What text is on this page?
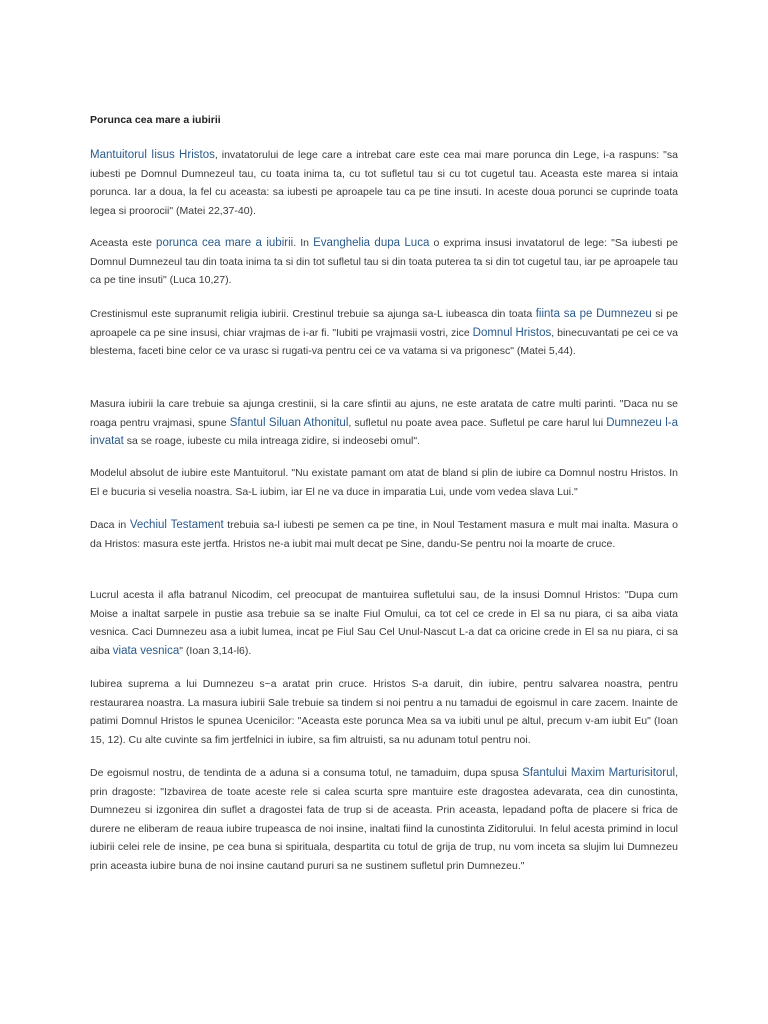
Porunca cea mare a iubirii

Mantuitorul Iisus Hristos, invatatorului de lege care a intrebat care este cea mai mare porunca din Lege, i-a raspuns: "sa iubesti pe Domnul Dumnezeul tau, cu toata inima ta, cu tot sufletul tau si cu tot cugetul tau. Aceasta este marea si intaia porunca. Iar a doua, la fel cu aceasta: sa iubesti pe aproapele tau ca pe tine insuti. In aceste doua porunci se cuprinde toata legea si proorocii" (Matei 22,37-40).

Aceasta este porunca cea mare a iubirii. In Evanghelia dupa Luca o exprima insusi invatatorul de lege: "Sa iubesti pe Domnul Dumnezeul tau din toata inima ta si din tot sufletul tau si din toata puterea ta si din tot cugetul tau, iar pe aproapele tau ca pe tine insuti" (Luca 10,27).

Crestinismul este supranumit religia iubirii. Crestinul trebuie sa ajunga sa-L iubeasca din toata fiinta sa pe Dumnezeu si pe aproapele ca pe sine insusi, chiar vrajmas de i-ar fi. "Iubiti pe vrajmasii vostri, zice Domnul Hristos, binecuvantati pe cei ce va blestema, faceti bine celor ce va urasc si rugati-va pentru cei ce va vatama si va prigonesc" (Matei 5,44).

Masura iubirii la care trebuie sa ajunga crestinii, si la care sfintii au ajuns, ne este aratata de catre multi parinti. "Daca nu se roaga pentru vrajmasi, spune Sfantul Siluan Athonitul, sufletul nu poate avea pace. Sufletul pe care harul lui Dumnezeu l-a invatat sa se roage, iubeste cu mila intreaga zidire, si indeosebi omul".

Modelul absolut de iubire este Mantuitorul. "Nu existate pamant om atat de bland si plin de iubire ca Domnul nostru Hristos. In El e bucuria si veselia noastra. Sa-L iubim, iar El ne va duce in imparatia Lui, unde vom vedea slava Lui."

Daca in Vechiul Testament trebuia sa-l iubesti pe semen ca pe tine, in Noul Testament masura e mult mai inalta. Masura o da Hristos: masura este jertfa. Hristos ne-a iubit mai mult decat pe Sine, dandu-Se pentru noi la moarte de cruce.

Lucrul acesta il afla batranul Nicodim, cel preocupat de mantuirea sufletului sau, de la insusi Domnul Hristos: "Dupa cum Moise a inaltat sarpele in pustie asa trebuie sa se inalte Fiul Omului, ca tot cel ce crede in El sa nu piara, ci sa aiba viata vesnica. Caci Dumnezeu asa a iubit lumea, incat pe Fiul Sau Cel Unul-Nascut L-a dat ca oricine crede in El sa nu piara, ci sa aiba viata vesnica" (Ioan 3,14-l6).

Iubirea suprema a lui Dumnezeu s~a aratat prin cruce. Hristos S-a daruit, din iubire, pentru salvarea noastra, pentru restaurarea noastra. La masura iubirii Sale trebuie sa tindem si noi pentru a nu tamadui de egoismul in care zacem. Inainte de patimi Domnul Hristos le spunea Ucenicilor: "Aceasta este porunca Mea sa va iubiti unul pe altul, precum v-am iubit Eu" (Ioan 15, 12). Cu alte cuvinte sa fim jertfelnici in iubire, sa fim altruisti, sa nu adunam totul pentru noi.

De egoismul nostru, de tendinta de a aduna si a consuma totul, ne tamaduim, dupa spusa Sfantului Maxim Marturisitorul, prin dragoste: "Izbavirea de toate aceste rele si calea scurta spre mantuire este dragostea adevarata, cea din cunostinta, Dumnezeu si izgonirea din suflet a dragostei fata de trup si de aceasta. Prin aceasta, lepadand pofta de placere si frica de durere ne eliberam de reaua iubire trupeasca de noi insine, inaltati fiind la cunostinta Ziditorului. In felul acesta primind in locul iubirii celei rele de insine, pe cea buna si spirituala, despartita cu totul de grija de trup, nu vom inceta sa slujim lui Dumnezeu prin aceasta iubire buna de noi insine cautand pururi sa ne sustinem sufletul prin Dumnezeu."
